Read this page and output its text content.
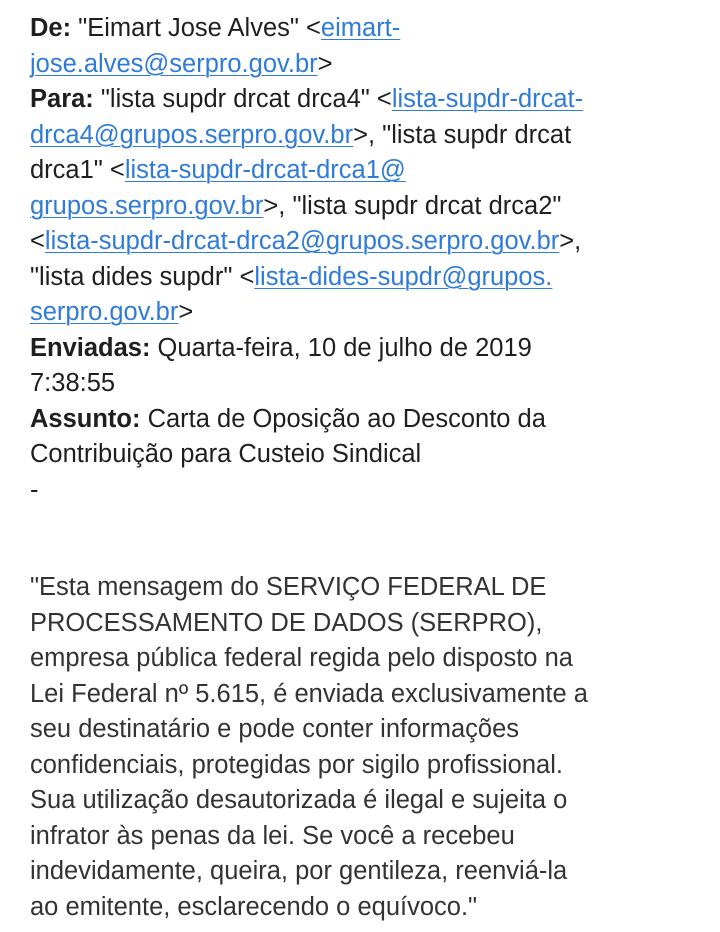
De: "Eimart Jose Alves" <eimart-
jose.alves@serpro.gov.br>
Para: "lista supdr drcat drca4" <lista-supdr-drcat-
drca4@grupos.serpro.gov.br>, "lista supdr drcat
drca1" <lista-supdr-drcat-drca1@
grupos.serpro.gov.br>, "lista supdr drcat drca2"
<lista-supdr-drcat-drca2@grupos.serpro.gov.br>,
"lista dides supdr" <lista-dides-supdr@grupos.
serpro.gov.br>
Enviadas: Quarta-feira, 10 de julho de 2019
7:38:55
Assunto: Carta de Oposição ao Desconto da
Contribuição para Custeio Sindical
-
"Esta mensagem do SERVIÇO FEDERAL DE
PROCESSAMENTO DE DADOS (SERPRO),
empresa pública federal regida pelo disposto na
Lei Federal nº 5.615, é enviada exclusivamente a
seu destinatário e pode conter informações
confidenciais, protegidas por sigilo profissional.
Sua utilização desautorizada é ilegal e sujeita o
infrator às penas da lei. Se você a recebeu
indevidamente, queira, por gentileza, reenviá-la
ao emitente, esclarecendo o equívoco."
